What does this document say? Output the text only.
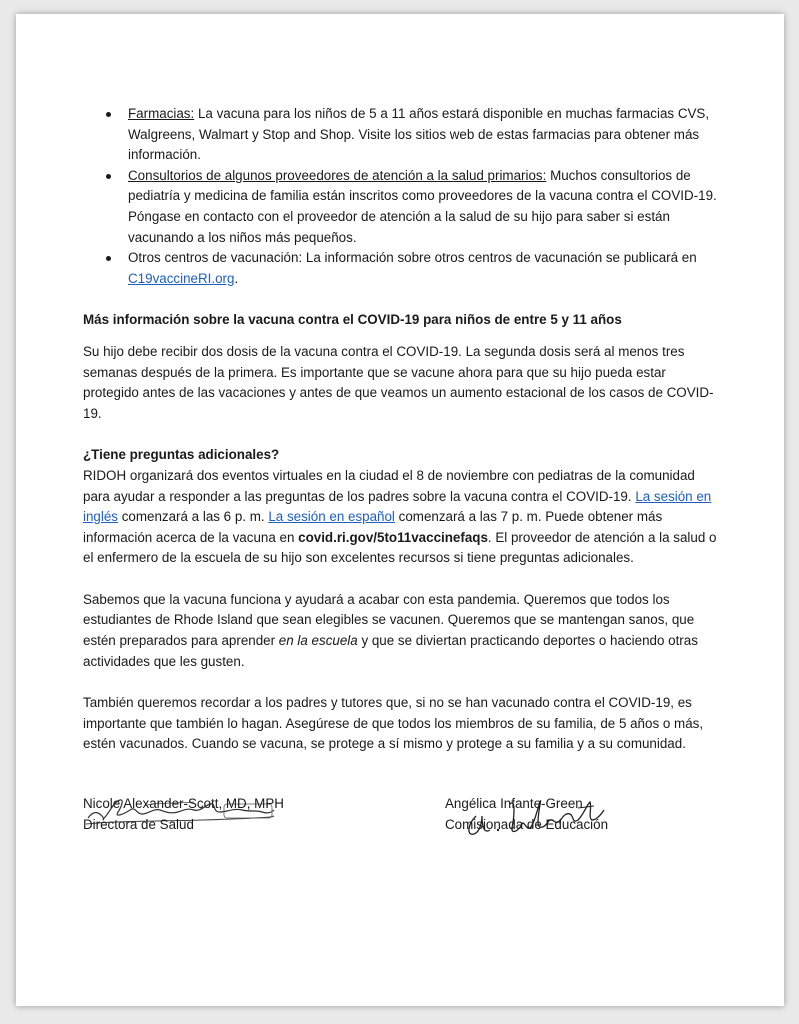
Farmacias: La vacuna para los niños de 5 a 11 años estará disponible en muchas farmacias CVS, Walgreens, Walmart y Stop and Shop. Visite los sitios web de estas farmacias para obtener más información.
Consultorios de algunos proveedores de atención a la salud primarios: Muchos consultorios de pediatría y medicina de familia están inscritos como proveedores de la vacuna contra el COVID-19. Póngase en contacto con el proveedor de atención a la salud de su hijo para saber si están vacunando a los niños más pequeños.
Otros centros de vacunación: La información sobre otros centros de vacunación se publicará en C19vaccineRI.org.

Más información sobre la vacuna contra el COVID-19 para niños de entre 5 y 11 años

Su hijo debe recibir dos dosis de la vacuna contra el COVID-19. La segunda dosis será al menos tres semanas después de la primera. Es importante que se vacune ahora para que su hijo pueda estar protegido antes de las vacaciones y antes de que veamos un aumento estacional de los casos de COVID-19.

¿Tiene preguntas adicionales?

RIDOH organizará dos eventos virtuales en la ciudad el 8 de noviembre con pediatras de la comunidad para ayudar a responder a las preguntas de los padres sobre la vacuna contra el COVID-19. La sesión en inglés comenzará a las 6 p. m. La sesión en español comenzará a las 7 p. m. Puede obtener más información acerca de la vacuna en covid.ri.gov/5to11vaccinefaqs. El proveedor de atención a la salud o el enfermero de la escuela de su hijo son excelentes recursos si tiene preguntas adicionales.

Sabemos que la vacuna funciona y ayudará a acabar con esta pandemia. Queremos que todos los estudiantes de Rhode Island que sean elegibles se vacunen. Queremos que se mantengan sanos, que estén preparados para aprender en la escuela y que se diviertan practicando deportes o haciendo otras actividades que les gusten.

También queremos recordar a los padres y tutores que, si no se han vacunado contra el COVID-19, es importante que también lo hagan. Asegúrese de que todos los miembros de su familia, de 5 años o más, estén vacunados. Cuando se vacuna, se protege a sí mismo y protege a su familia y a su comunidad.

Nicole Alexander-Scott, MD, MPH
Directora de Salud
Angélica Infante-Green
Comisionada de Educación
